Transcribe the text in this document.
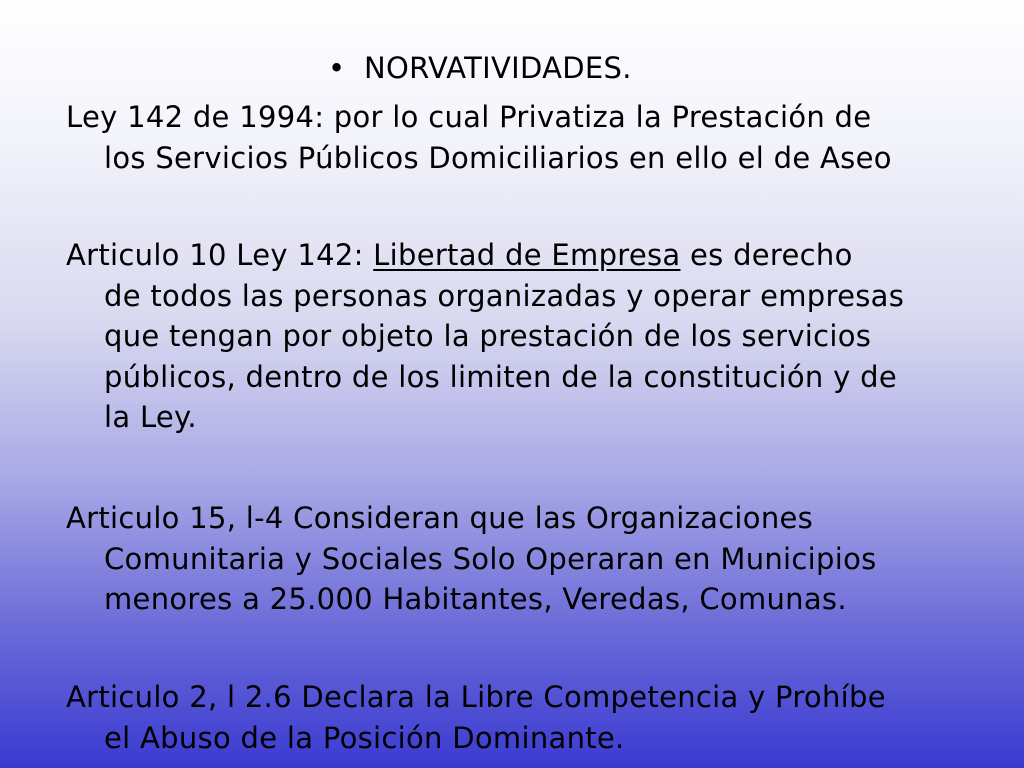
• NORVATIVIDADES.
Ley 142 de 1994: por lo cual Privatiza la Prestación de
los Servicios Públicos Domiciliarios en ello el de Aseo
Articulo 10 Ley 142: Libertad de Empresa es derecho
de todos las personas organizadas y operar empresas
que tengan por objeto la prestación de los servicios
públicos, dentro de los limiten de la constitución y de
la Ley.
Articulo 15, l-4 Consideran que las Organizaciones
Comunitaria y Sociales Solo Operaran en Municipios
menores a 25.000 Habitantes, Veredas, Comunas.
Articulo 2, l 2.6 Declara la Libre Competencia y Prohíbe
el Abuso de la Posición Dominante.
